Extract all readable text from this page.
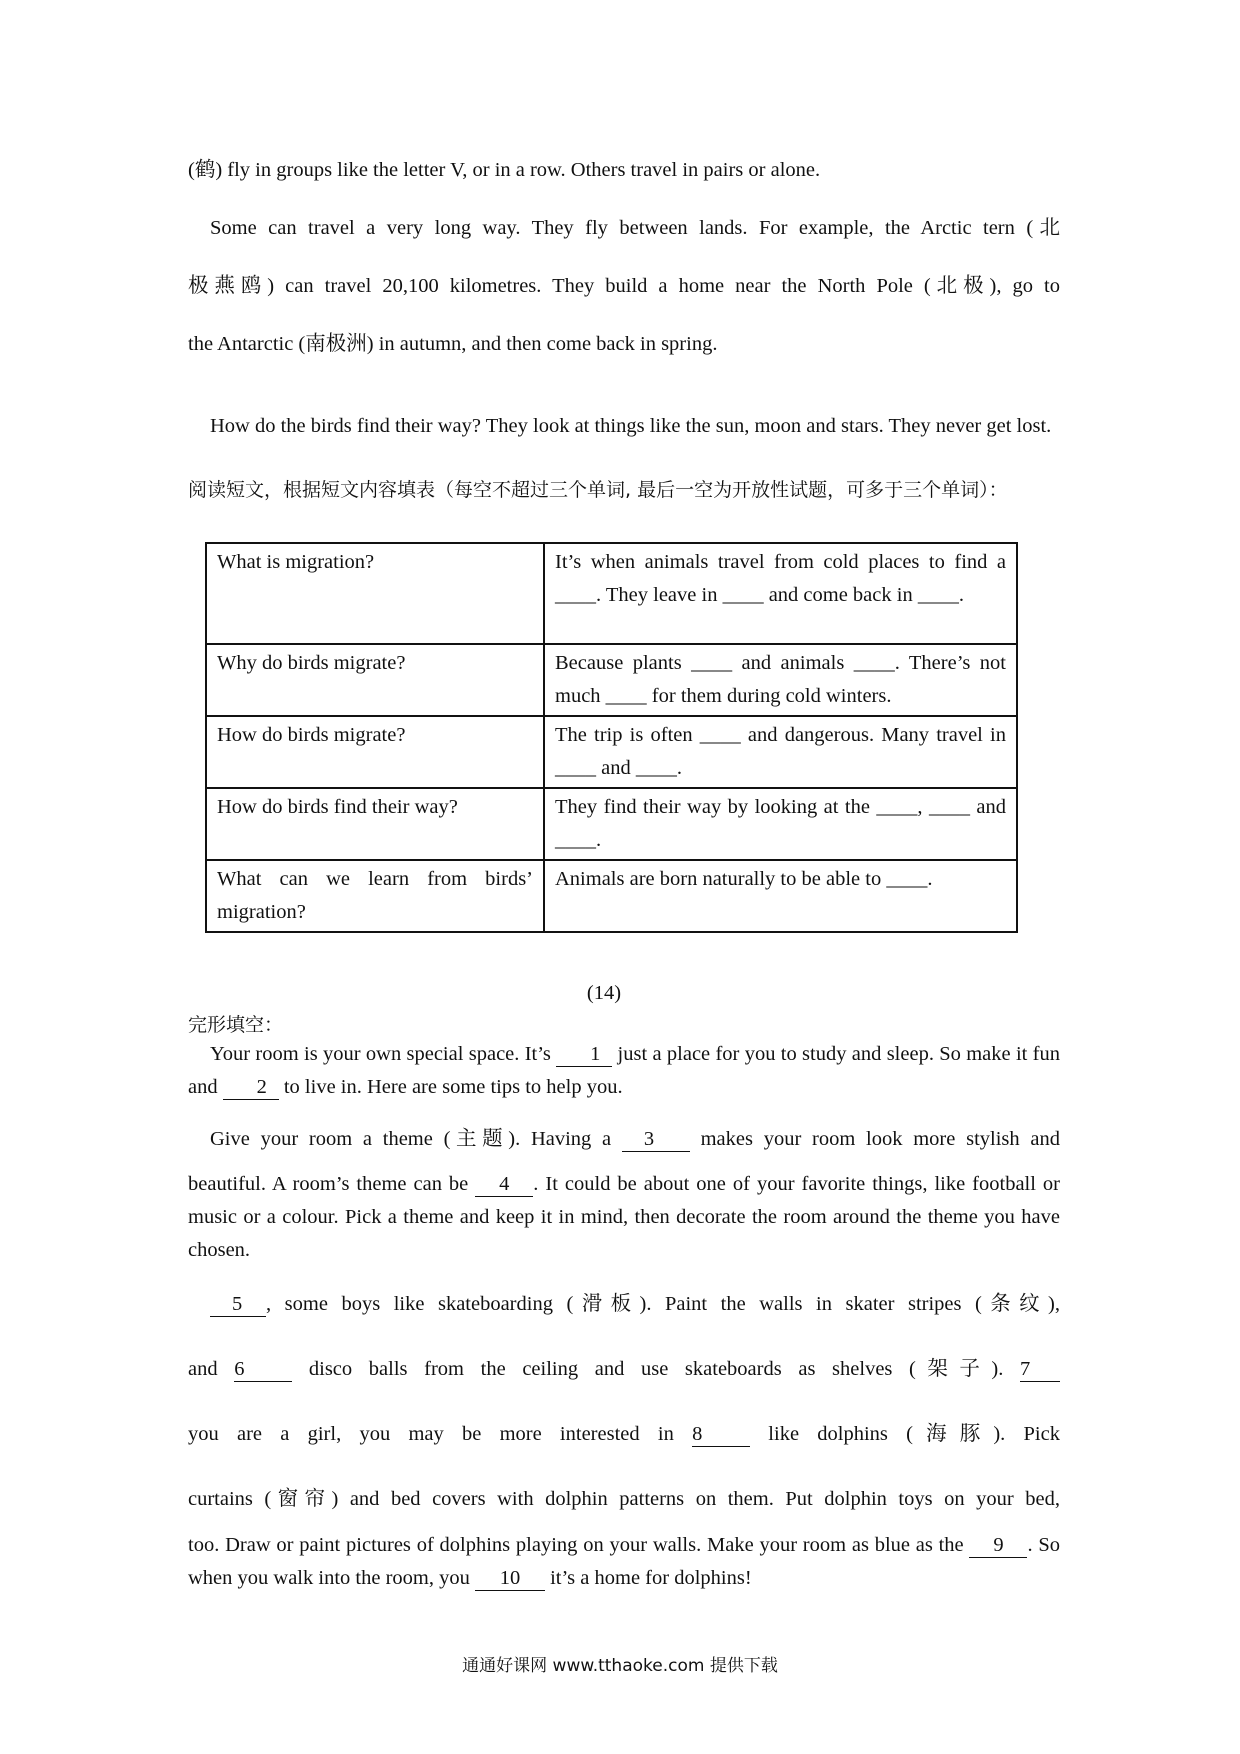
(鹤) fly in groups like the letter V, or in a row. Others travel in pairs or alone.
Some can travel a very long way. They fly between lands. For example, the Arctic tern (北
极燕鸥) can travel 20,100 kilometres. They build a home near the North Pole (北极), go to
the Antarctic (南极洲) in autumn, and then come back in spring.
How do the birds find their way? They look at things like the sun, moon and stars. They never get lost.
阅读短文，根据短文内容填表（每空不超过三个单词, 最后一空为开放性试题，可多于三个单词）：
What is migration?	It’s when animals travel from cold places to find a ____. They leave in ____ and come back in ____.
Why do birds migrate?	Because plants ____ and animals ____. There’s not much ____ for them during cold winters.
How do birds migrate?	The trip is often ____ and dangerous. Many travel in ____ and ____.
How do birds find their way?	They find their way by looking at the ____, ____ and ____.
What can we learn from birds’ migration?	Animals are born naturally to be able to ____.
(14)
完形填空：
Your room is your own special space. It’s 1 just a place for you to study and sleep. So make it fun and 2 to live in. Here are some tips to help you.
Give your room a theme (主题). Having a 3 makes your room look more stylish and
beautiful. A room’s theme can be 4 . It could be about one of your favorite things, like football or music or a colour. Pick a theme and keep it in mind, then decorate the room around the theme you have chosen.
5 , some boys like skateboarding (滑板). Paint the walls in skater stripes (条纹),
and 6 disco balls from the ceiling and use skateboards as shelves (架子). 7
you are a girl, you may be more interested in 8 like dolphins (海豚). Pick
curtains (窗帘) and bed covers with dolphin patterns on them. Put dolphin toys on your bed,
too. Draw or paint pictures of dolphins playing on your walls. Make your room as blue as the 9 . So when you walk into the room, you 10 it’s a home for dolphins!
通通好课网 www.tthaoke.com 提供下载
